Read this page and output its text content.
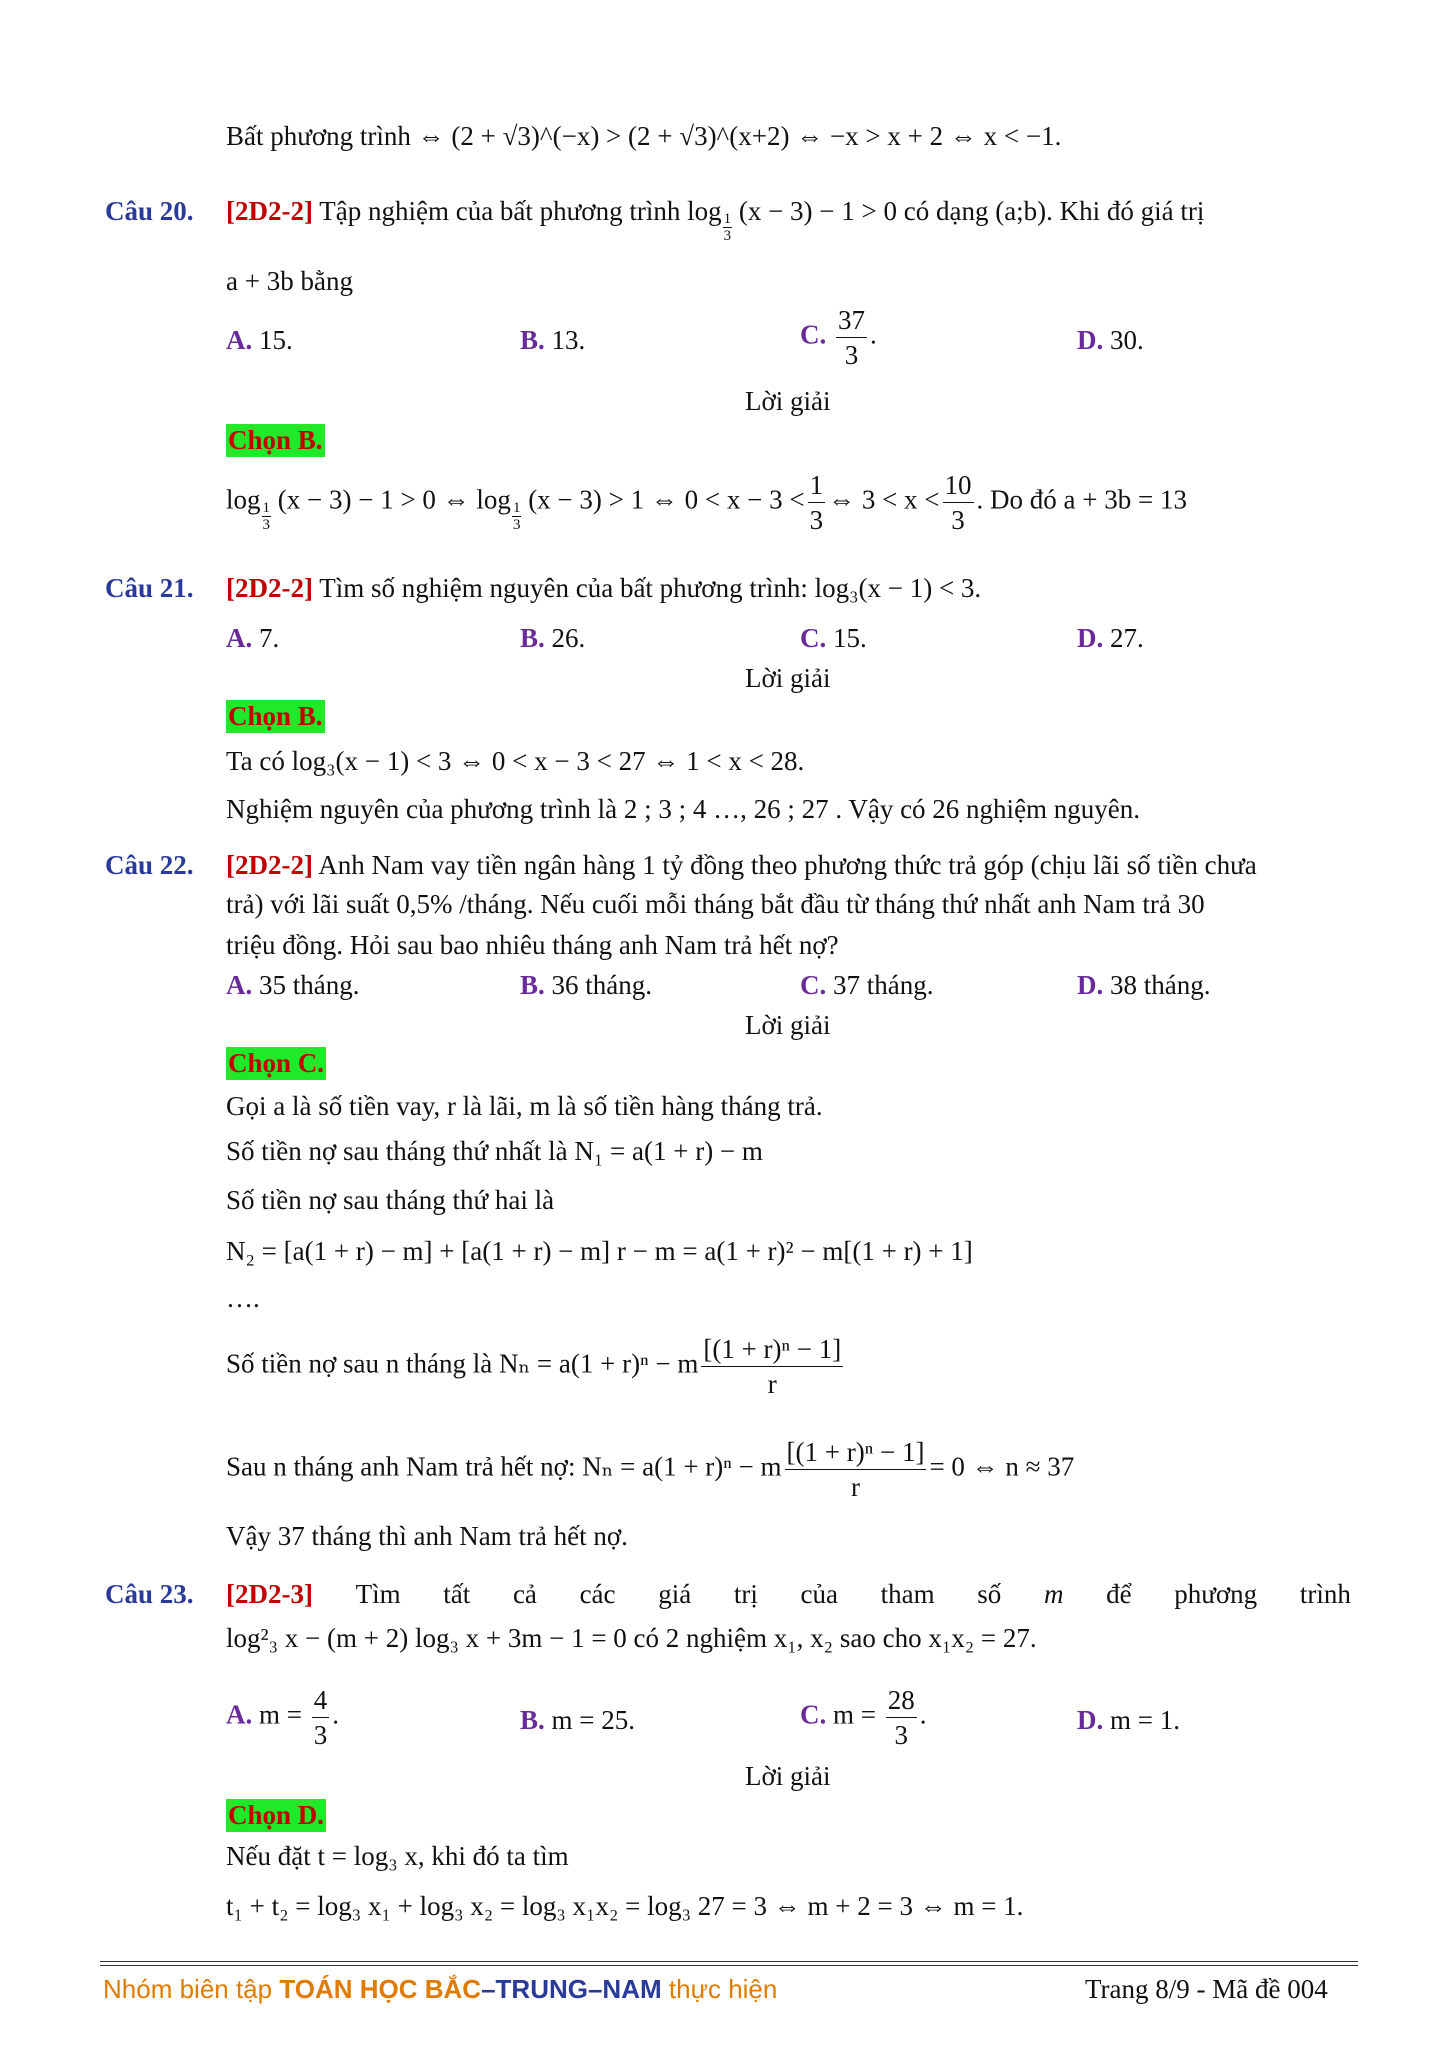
Bất phương trình ⇔ (2 + √3)^(−x) > (2 + √3)^(x+2) ⇔ −x > x + 2 ⇔ x < −1.
Câu 20. [2D2-2] Tập nghiệm của bất phương trình $\log \frac{1}{3} (x - 3) - 1 > 0$ có dạng (a;b). Khi đó giá trị
a + 3b bằng
A. 15.	B. 13.	C. $\frac{37}{3}$ .	D. 30.
Lời giải
Chọn B.
$\log \frac{1}{3} (x - 3) - 1 > 0$ ⇔ $\log \frac{1}{3} (x - 3) > 1$ ⇔ $0 < x - 3 < \frac{1}{3}$ ⇔ $3 < x < \frac{10}{3}$ . Do đó a + 3b = 13
Câu 21. [2D2-2] Tìm số nghiệm nguyên của bất phương trình: log₃(x − 1) < 3.
A. 7.	B. 26.	C. 15.	D. 27.
Lời giải
Chọn B.
Ta có log₃(x − 1) < 3 ⇔ 0 < x − 3 < 27 ⇔ 1 < x < 28.
Nghiệm nguyên của phương trình là 2 ; 3 ; 4 …, 26 ; 27 . Vậy có 26 nghiệm nguyên.
Câu 22. [2D2-2] Anh Nam vay tiền ngân hàng 1 tỷ đồng theo phương thức trả góp (chịu lãi số tiền chưa
trả) với lãi suất 0,5% /tháng. Nếu cuối mỗi tháng bắt đầu từ tháng thứ nhất anh Nam trả 30
triệu đồng. Hỏi sau bao nhiêu tháng anh Nam trả hết nợ?
A. 35 tháng.	B. 36 tháng.	C. 37 tháng.	D. 38 tháng.
Lời giải
Chọn C.
Gọi a là số tiền vay, r là lãi, m là số tiền hàng tháng trả.
Số tiền nợ sau tháng thứ nhất là N₁ = a(1 + r) − m
Số tiền nợ sau tháng thứ hai là
N₂ = [a(1 + r) − m] + [a(1 + r) − m] r − m = a(1 + r)² − m[(1 + r) + 1]
….
Số tiền nợ sau n tháng là Nₙ = a(1 + r)ⁿ − m $\frac{\text{[(1 + r)ⁿ − 1]}}{r}$
Sau n tháng anh Nam trả hết nợ: Nₙ = a(1 + r)ⁿ − m $\frac{\text{[(1 + r)ⁿ − 1]}}{r} = 0$ ⇔ n ≈ 37
Vậy 37 tháng thì anh Nam trả hết nợ.
Câu 23. [2D2-3] Tìm tất cả các giá trị của tham số m để phương trình
log²₃ x − (m + 2) log₃ x + 3m − 1 = 0 có 2 nghiệm x₁, x₂ sao cho x₁x₂ = 27.
A. $m = \frac{4}{3}$ .	B. m = 25.	C. $m = \frac{28}{3}$ .	D. m = 1.
Lời giải
Chọn D.
Nếu đặt t = log₃ x, khi đó ta tìm
t₁ + t₂ = log₃ x₁ + log₃ x₂ = log₃ x₁x₂ = log₃ 27 = 3 ⇔ m + 2 = 3 ⇔ m = 1.
Nhóm biên tập TOÁN HỌC BẮC–TRUNG–NAM thực hiện	Trang 8/9 - Mã đề 004
